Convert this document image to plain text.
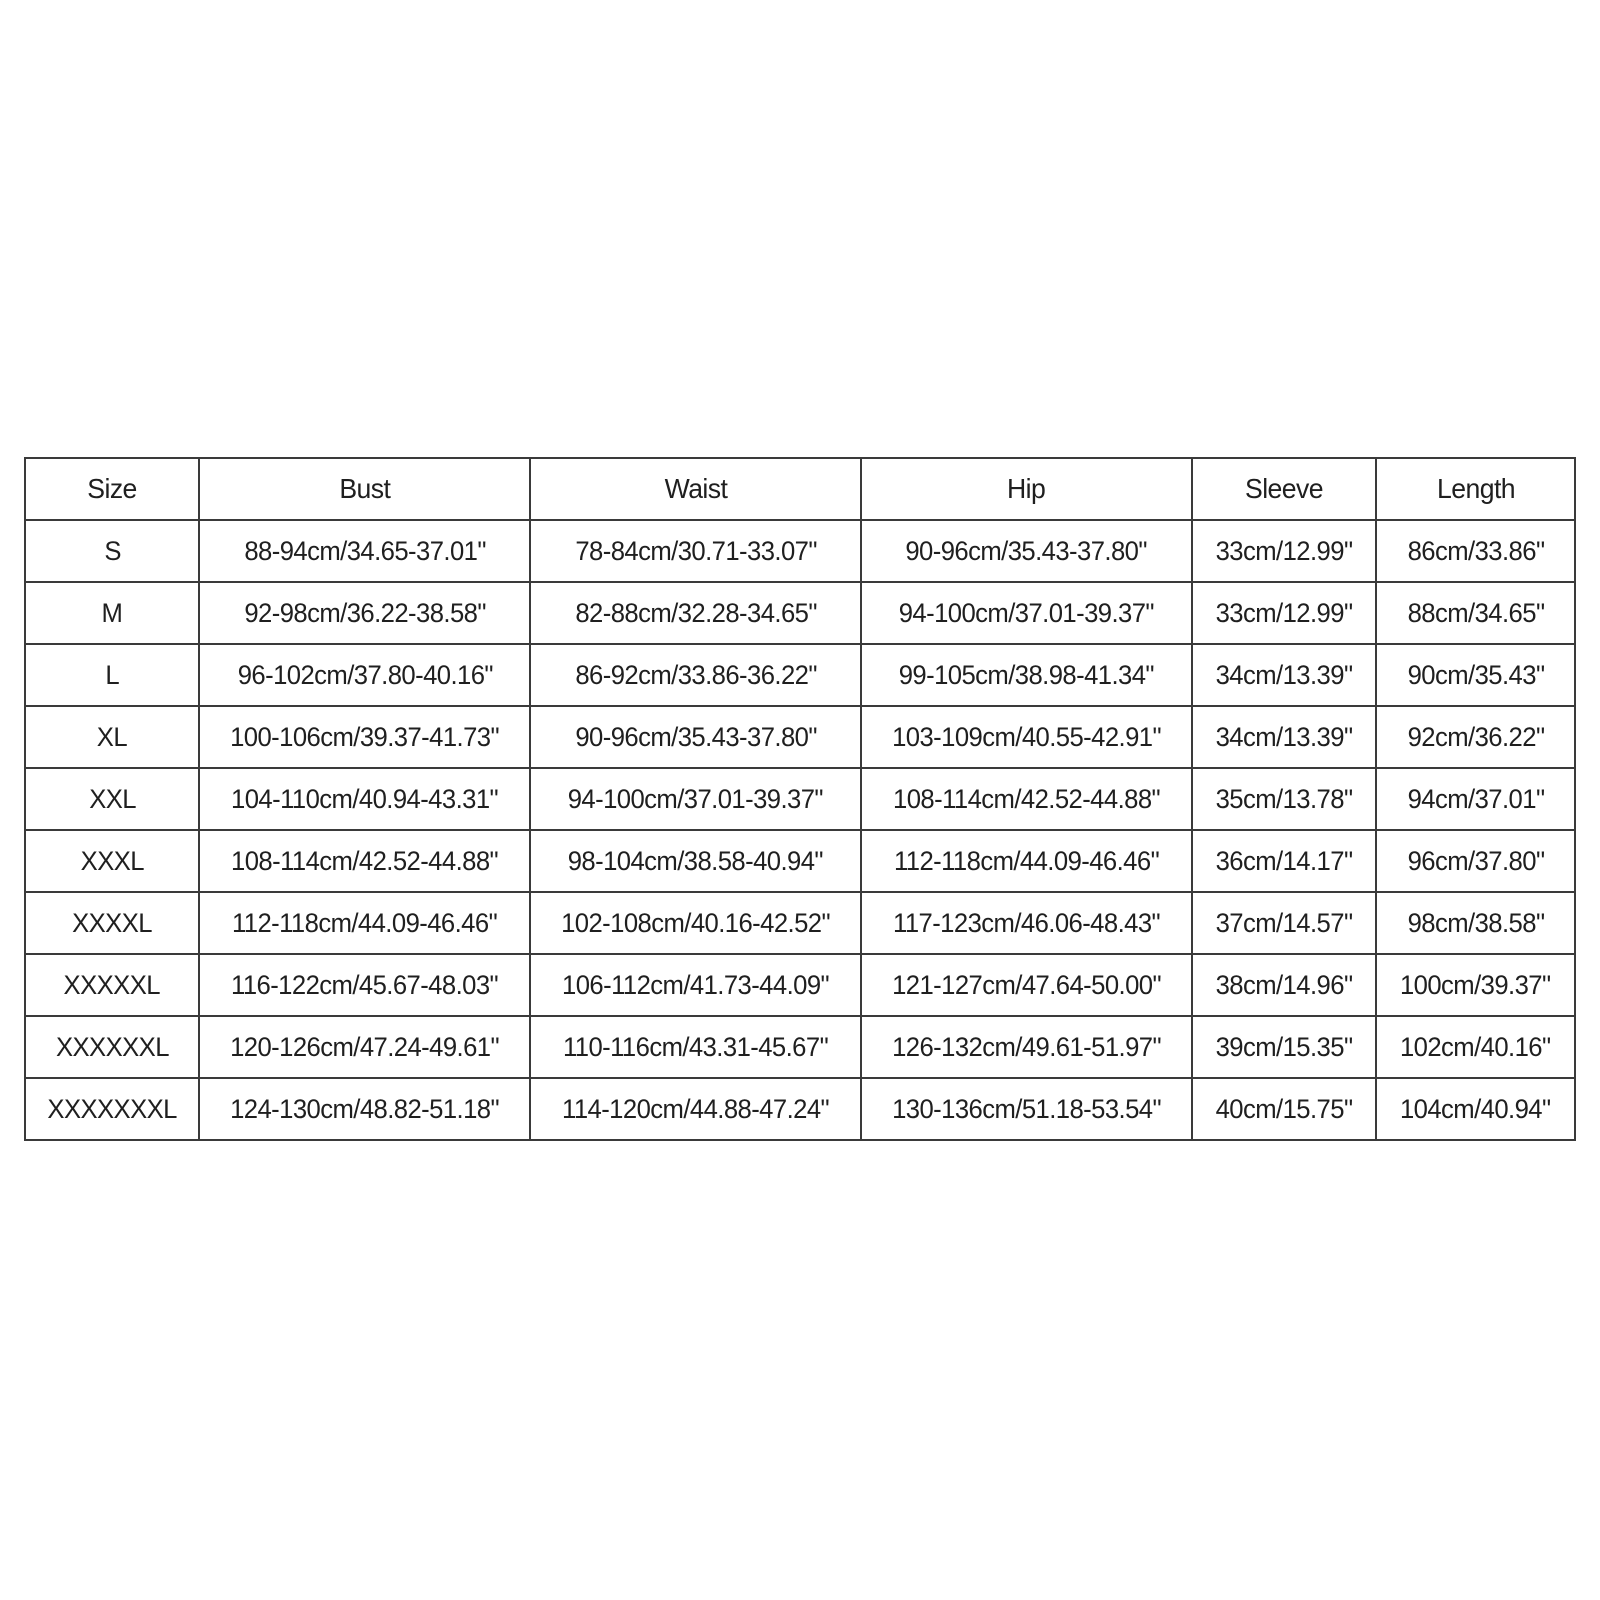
Size	Bust	Waist	Hip	Sleeve	Length
S	88-94cm/34.65-37.01"	78-84cm/30.71-33.07"	90-96cm/35.43-37.80"	33cm/12.99"	86cm/33.86"
M	92-98cm/36.22-38.58"	82-88cm/32.28-34.65"	94-100cm/37.01-39.37"	33cm/12.99"	88cm/34.65"
L	96-102cm/37.80-40.16"	86-92cm/33.86-36.22"	99-105cm/38.98-41.34"	34cm/13.39"	90cm/35.43"
XL	100-106cm/39.37-41.73"	90-96cm/35.43-37.80"	103-109cm/40.55-42.91"	34cm/13.39"	92cm/36.22"
XXL	104-110cm/40.94-43.31"	94-100cm/37.01-39.37"	108-114cm/42.52-44.88"	35cm/13.78"	94cm/37.01"
XXXL	108-114cm/42.52-44.88"	98-104cm/38.58-40.94"	112-118cm/44.09-46.46"	36cm/14.17"	96cm/37.80"
XXXXL	112-118cm/44.09-46.46"	102-108cm/40.16-42.52"	117-123cm/46.06-48.43"	37cm/14.57"	98cm/38.58"
XXXXXL	116-122cm/45.67-48.03"	106-112cm/41.73-44.09"	121-127cm/47.64-50.00"	38cm/14.96"	100cm/39.37"
XXXXXXL	120-126cm/47.24-49.61"	110-116cm/43.31-45.67"	126-132cm/49.61-51.97"	39cm/15.35"	102cm/40.16"
XXXXXXXL	124-130cm/48.82-51.18"	114-120cm/44.88-47.24"	130-136cm/51.18-53.54"	40cm/15.75"	104cm/40.94"
